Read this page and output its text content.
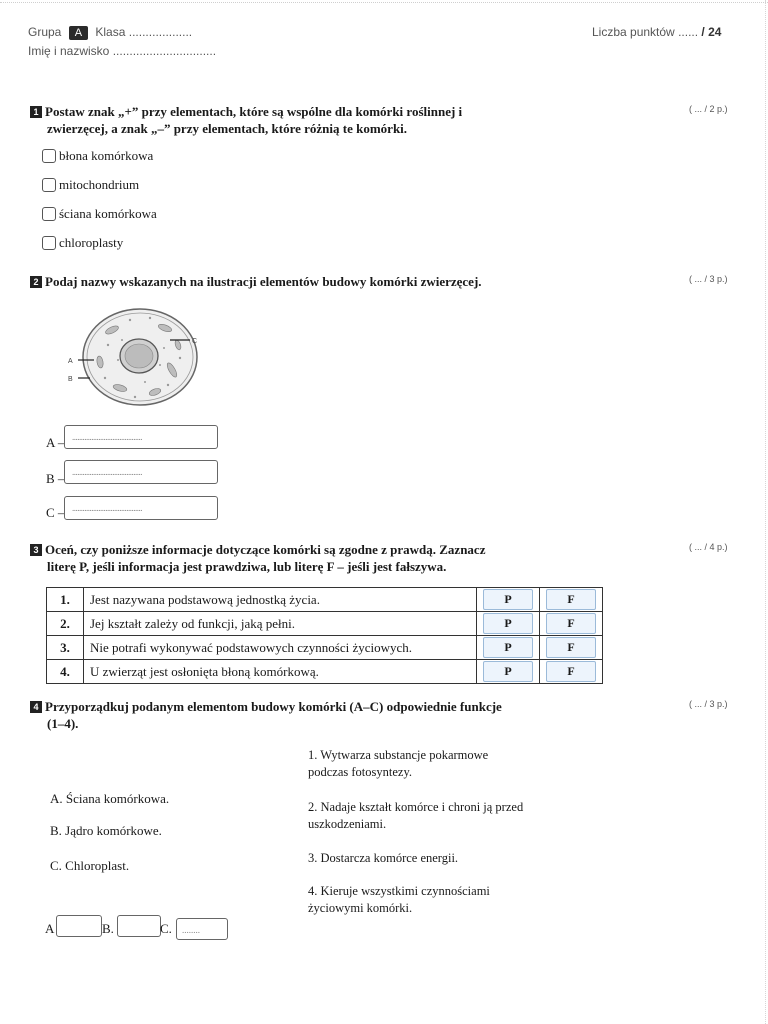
Grupa A Klasa ...................
Imię i nazwisko ...............................
Liczba punktów ...... / 24
1 Postaw znak „+” przy elementach, które są wspólne dla komórki roślinnej i
zwierzęcej, a znak „–” przy elementach, które różnią te komórki.
( ... / 2 p.)
błona komórkowa
mitochondrium
ściana komórkowa
chloroplasty
2 Podaj nazwy wskazanych na ilustracji elementów budowy komórki zwierzęcej.	( ... / 3 p.)
A
B
C
A – ........................................
B – ........................................
C – ........................................
3 Oceń, czy poniższe informacje dotyczące komórki są zgodne z prawdą. Zaznacz
literę P, jeśli informacja jest prawdziwa, lub literę F – jeśli jest fałszywa.
( ... / 4 p.)
1.	Jest nazywana podstawową jednostką życia.	P	F

2.	Jej kształt zależy od funkcji, jaką pełni.	P	F

3.	Nie potrafi wykonywać podstawowych czynności życiowych.	P	F

4.	U zwierząt jest osłonięta błoną komórkową.	P	F
4 Przyporządkuj podanym elementom budowy komórki (A–C) odpowiednie funkcje
(1–4).
( ... / 3 p.)
A. Ściana komórkowa.
B. Jądro komórkowe.
C. Chloroplast.
1. Wytwarza substancje pokarmowe
podczas fotosyntezy.
2. Nadaje kształt komórce i chroni ją przed
uszkodzeniami.
3. Dostarcza komórce energii.
4. Kieruje wszystkimi czynnościami
życiowymi komórki.
A	B.	C. ........
